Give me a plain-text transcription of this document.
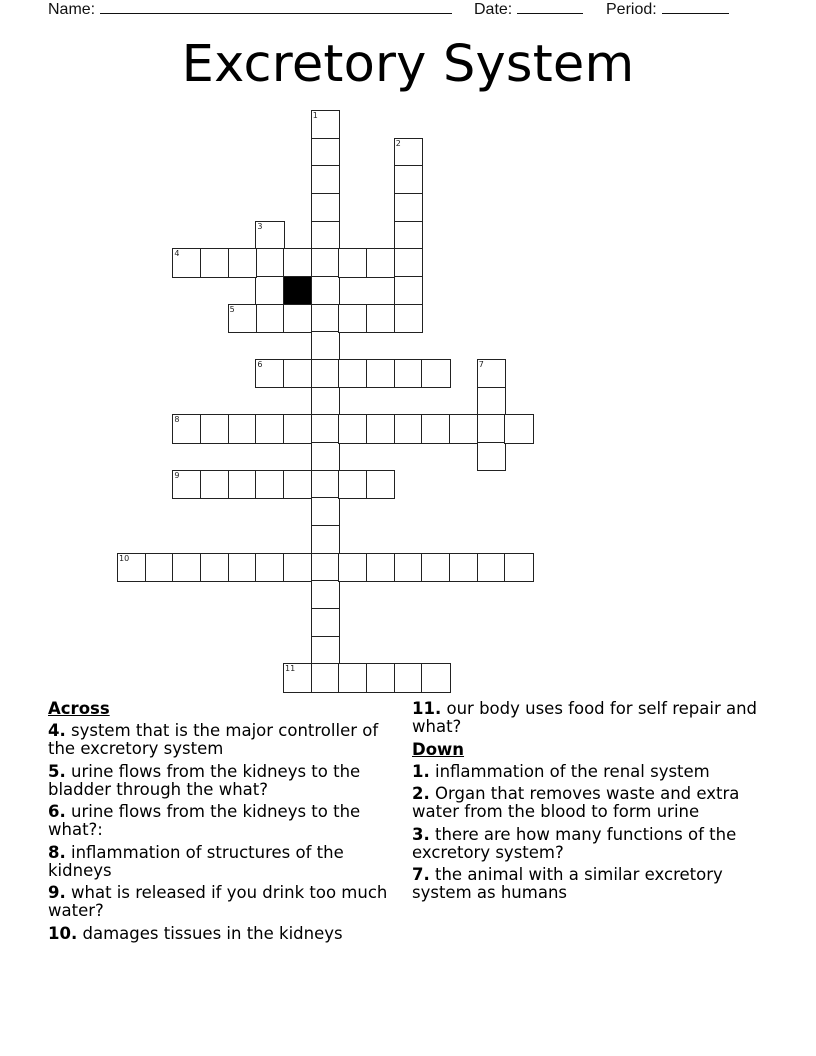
Name:	Date:	Period:
Excretory System
1
2
3
4
5
6	7
8
9
10
11
Across
4. system that is the major controller of the excretory system
5. urine flows from the kidneys to the bladder through the what?
6. urine flows from the kidneys to the what?:
8. inflammation of structures of the kidneys
9. what is released if you drink too much water?
10. damages tissues in the kidneys
11. our body uses food for self repair and what?
Down
1. inflammation of the renal system
2. Organ that removes waste and extra water from the blood to form urine
3. there are how many functions of the excretory system?
7. the animal with a similar excretory system as humans
